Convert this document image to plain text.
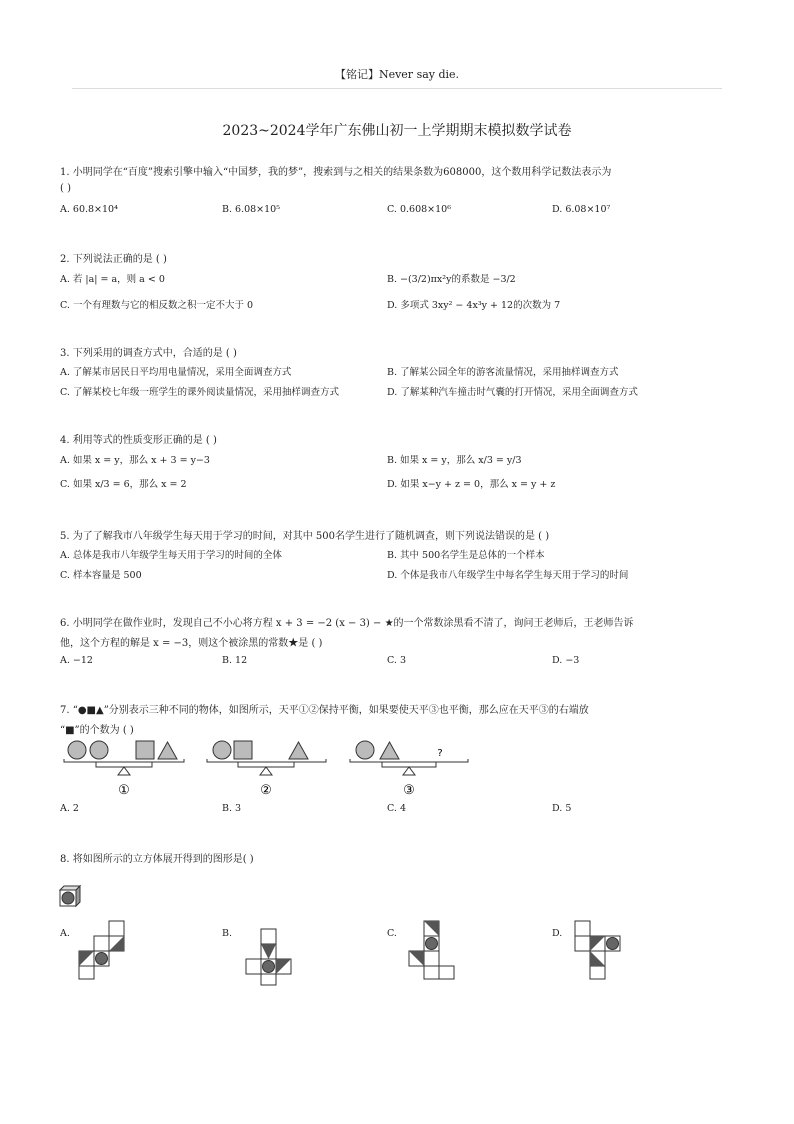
【铭记】Never say die.
2023~2024学年广东佛山初一上学期期末模拟数学试卷
1. 小明同学在“百度”搜索引擎中输入“中国梦，我的梦”，搜索到与之相关的结果条数为608000，这个数用科学记数法表示为
( )
A. 60.8×10⁴	B. 6.08×10⁵	C. 0.608×10⁶	D. 6.08×10⁷
2. 下列说法正确的是 ( )
A. 若 |a| = a，则 a < 0	B. −(3/2)πx²y的系数是 −3/2
C. 一个有理数与它的相反数之积一定不大于 0	D. 多项式 3xy² − 4x³y + 12的次数为 7
3. 下列采用的调查方式中，合适的是 ( )
A. 了解某市居民日平均用电量情况，采用全面调查方式	B. 了解某公园全年的游客流量情况，采用抽样调查方式
C. 了解某校七年级一班学生的课外阅读量情况，采用抽样调查方式	D. 了解某种汽车撞击时气囊的打开情况，采用全面调查方式
4. 利用等式的性质变形正确的是 ( )
A. 如果 x = y，那么 x + 3 = y−3	B. 如果 x = y，那么 x/3 = y/3
C. 如果 x/3 = 6，那么 x = 2	D. 如果 x−y + z = 0，那么 x = y + z
5. 为了了解我市八年级学生每天用于学习的时间，对其中 500名学生进行了随机调查，则下列说法错误的是 ( )
A. 总体是我市八年级学生每天用于学习的时间的全体	B. 其中 500名学生是总体的一个样本
C. 样本容量是 500	D. 个体是我市八年级学生中每名学生每天用于学习的时间
6. 小明同学在做作业时，发现自己不小心将方程 x + 3 = −2 (x − 3) − ★的一个常数涂黑看不清了，询问王老师后，王老师告诉
他，这个方程的解是 x = −3，则这个被涂黑的常数★是 ( )
A. −12	B. 12	C. 3	D. −3
7. “●■▲”分别表示三种不同的物体，如图所示，天平①②保持平衡，如果要使天平③也平衡，那么应在天平③的右端放
“■”的个数为 ( )
①	②
?
③
A. 2	B. 3	C. 4	D. 5
8. 将如图所示的立方体展开得到的图形是( )
A.	B.	C.	D.
